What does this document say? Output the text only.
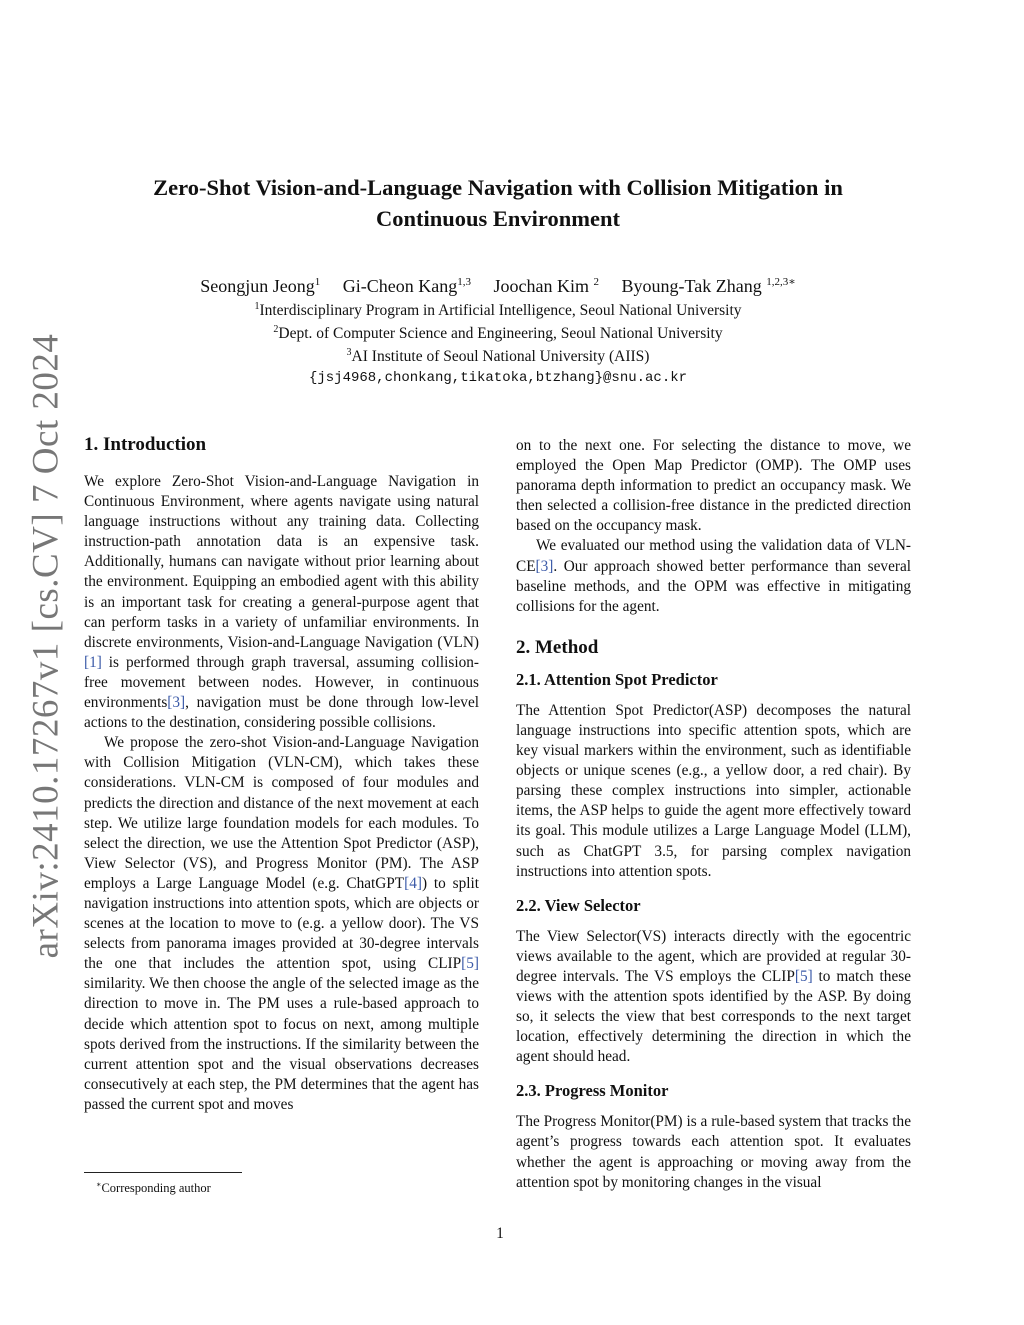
arXiv:2410.17267v1 [cs.CV] 7 Oct 2024
Zero-Shot Vision-and-Language Navigation with Collision Mitigation in
Continuous Environment
Seongjun Jeong$^1$ Gi-Cheon Kang$^{1,3}$ Joochan Kim $^2$ Byoung-Tak Zhang $^{1,2,3∗}$
$^1$Interdisciplinary Program in Artificial Intelligence, Seoul National University
$^2$Dept. of Computer Science and Engineering, Seoul National University
$^3$AI Institute of Seoul National University (AIIS)
{jsj4968,chonkang,tikatoka,btzhang}@snu.ac.kr
1. Introduction

We explore Zero-Shot Vision-and-Language Navigation in Continuous Environment, where agents navigate using natural language instructions without any training data. Collecting instruction-path annotation data is an expensive task. Additionally, humans can navigate without prior learning about the environment. Equipping an embodied agent with this ability is an important task for creating a general-purpose agent that can perform tasks in a variety of unfamiliar environments. In discrete environments, Vision-and-Language Navigation (VLN)[1] is performed through graph traversal, assuming collision-free movement between nodes. However, in continuous environments[3], navigation must be done through low-level actions to the destination, considering possible collisions.

We propose the zero-shot Vision-and-Language Navigation with Collision Mitigation (VLN-CM), which takes these considerations. VLN-CM is composed of four modules and predicts the direction and distance of the next movement at each step. We utilize large foundation models for each modules. To select the direction, we use the Attention Spot Predictor (ASP), View Selector (VS), and Progress Monitor (PM). The ASP employs a Large Language Model (e.g. ChatGPT[4]) to split navigation instructions into attention spots, which are objects or scenes at the location to move to (e.g. a yellow door). The VS selects from panorama images provided at 30-degree intervals the one that includes the attention spot, using CLIP[5] similarity. We then choose the angle of the selected image as the direction to move in. The PM uses a rule-based approach to decide which attention spot to focus on next, among multiple spots derived from the instructions. If the similarity between the current attention spot and the visual observations decreases consecutively at each step, the PM determines that the agent has passed the current spot and moves

on to the next one. For selecting the distance to move, we employed the Open Map Predictor (OMP). The OMP uses panorama depth information to predict an occupancy mask. We then selected a collision-free distance in the predicted direction based on the occupancy mask.

We evaluated our method using the validation data of VLN-CE[3]. Our approach showed better performance than several baseline methods, and the OPM was effective in mitigating collisions for the agent.

2. Method
2.1. Attention Spot Predictor

The Attention Spot Predictor(ASP) decomposes the natural language instructions into specific attention spots, which are key visual markers within the environment, such as identifiable objects or unique scenes (e.g., a yellow door, a red chair). By parsing these complex instructions into simpler, actionable items, the ASP helps to guide the agent more effectively toward its goal. This module utilizes a Large Language Model (LLM), such as ChatGPT 3.5, for parsing complex navigation instructions into attention spots.

2.2. View Selector

The View Selector(VS) interacts directly with the egocentric views available to the agent, which are provided at regular 30-degree intervals. The VS employs the CLIP[5] to match these views with the attention spots identified by the ASP. By doing so, it selects the view that best corresponds to the next target location, effectively determining the direction in which the agent should head.

2.3. Progress Monitor

The Progress Monitor(PM) is a rule-based system that tracks the agent’s progress towards each attention spot. It evaluates whether the agent is approaching or moving away from the attention spot by monitoring changes in the visual

∗Corresponding author
1
